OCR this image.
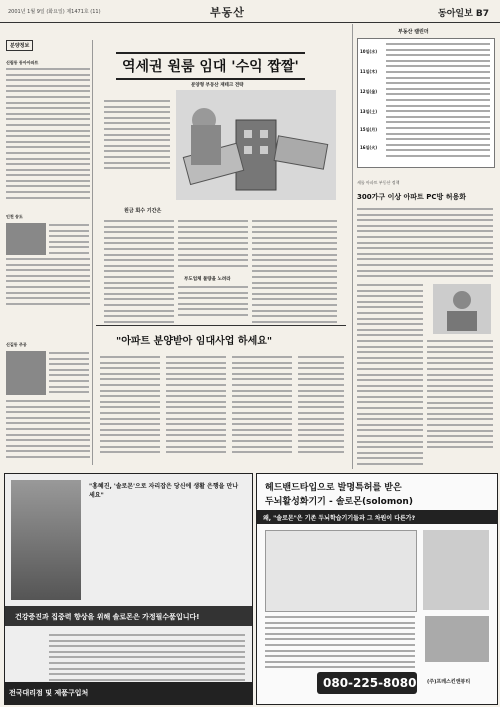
2001년 1월 9일 (화요일) 제1471호 (11)	부동산	동아일보 B7
분양정보
신림동 동아아파트
인천 송도
신길동 주공
역세권 원룸 임대 '수익 짭짤'
분양형 부동산 재테크 전략
원금 회수 기간은
부도업체 물량을 노려라
"아파트 분양받아 임대사업 하세요"
부동산 캘린더
10일(水)
11일(木)
12일(金)
13일(土)
15일(月)
16일(火)
새롭 아파트 부동산 정책
300가구 이상 아파트 PC방 허용화
"홍혜진, '솔로몬'으로 자리잡은 당신에 생활 은행을 만나세요"
건강증진과 집중력 향상을 위해 솔로몬은 가정필수품입니다!
전국대리점 및 제품구입처
헤드밴드타입으로 발명특허를 받은
두뇌활성화기기 - 솔로몬(solomon)
왜, "솔로몬"은 기존 두뇌학습기기들과 그 차원이 다른가?
080-225-8080 (주)프레스킨앤뷰티
